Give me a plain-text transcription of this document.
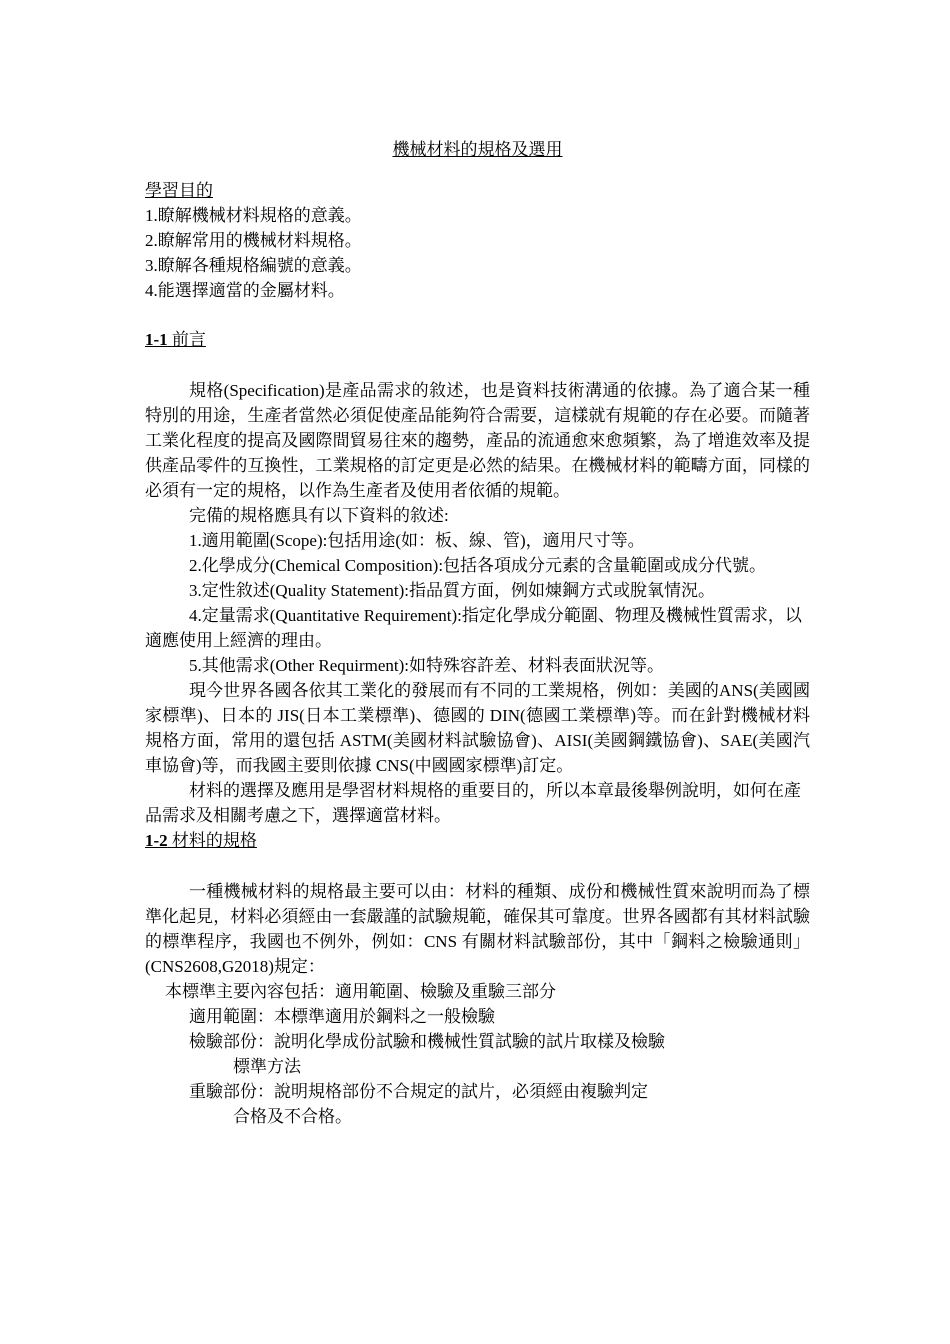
機械材料的規格及選用

學習目的

1.瞭解機械材料規格的意義。

2.瞭解常用的機械材料規格。

3.瞭解各種規格編號的意義。

4.能選擇適當的金屬材料。

1-1 前言

規格(Specification)是產品需求的敘述，也是資料技術溝通的依據。為了適合某一種特別的用途，生產者當然必須促使產品能夠符合需要，這樣就有規範的存在必要。而隨著工業化程度的提高及國際間貿易往來的趨勢，產品的流通愈來愈頻繁，為了增進效率及提供產品零件的互換性，工業規格的訂定更是必然的結果。在機械材料的範疇方面，同樣的必須有一定的規格，以作為生產者及使用者依循的規範。

完備的規格應具有以下資料的敘述:

1.適用範圍(Scope):包括用途(如：板、線、管)，適用尺寸等。

2.化學成分(Chemical Composition):包括各項成分元素的含量範圍或成分代號。

3.定性敘述(Quality Statement):指品質方面，例如煉鋼方式或脫氧情況。

4.定量需求(Quantitative Requirement):指定化學成分範圍、物理及機械性質需求，以適應使用上經濟的理由。

5.其他需求(Other Requirment):如特殊容許差、材料表面狀況等。

現今世界各國各依其工業化的發展而有不同的工業規格，例如：美國的ANS(美國國家標準)、日本的 JIS(日本工業標準)、德國的 DIN(德國工業標準)等。而在針對機械材料規格方面，常用的還包括 ASTM(美國材料試驗協會)、AISI(美國鋼鐵協會)、SAE(美國汽車協會)等，而我國主要則依據 CNS(中國國家標準)訂定。

材料的選擇及應用是學習材料規格的重要目的，所以本章最後舉例說明，如何在產品需求及相關考慮之下，選擇適當材料。

1-2 材料的規格

一種機械材料的規格最主要可以由：材料的種類、成份和機械性質來說明而為了標準化起見，材料必須經由一套嚴謹的試驗規範，確保其可靠度。世界各國都有其材料試驗的標準程序，我國也不例外，例如：CNS 有關材料試驗部份，其中「鋼料之檢驗通則」(CNS2608,G2018)規定：

本標準主要內容包括：適用範圍、檢驗及重驗三部分

適用範圍：本標準適用於鋼料之一般檢驗

檢驗部份：說明化學成份試驗和機械性質試驗的試片取樣及檢驗
標準方法

重驗部份：說明規格部份不合規定的試片，必須經由複驗判定
合格及不合格。
